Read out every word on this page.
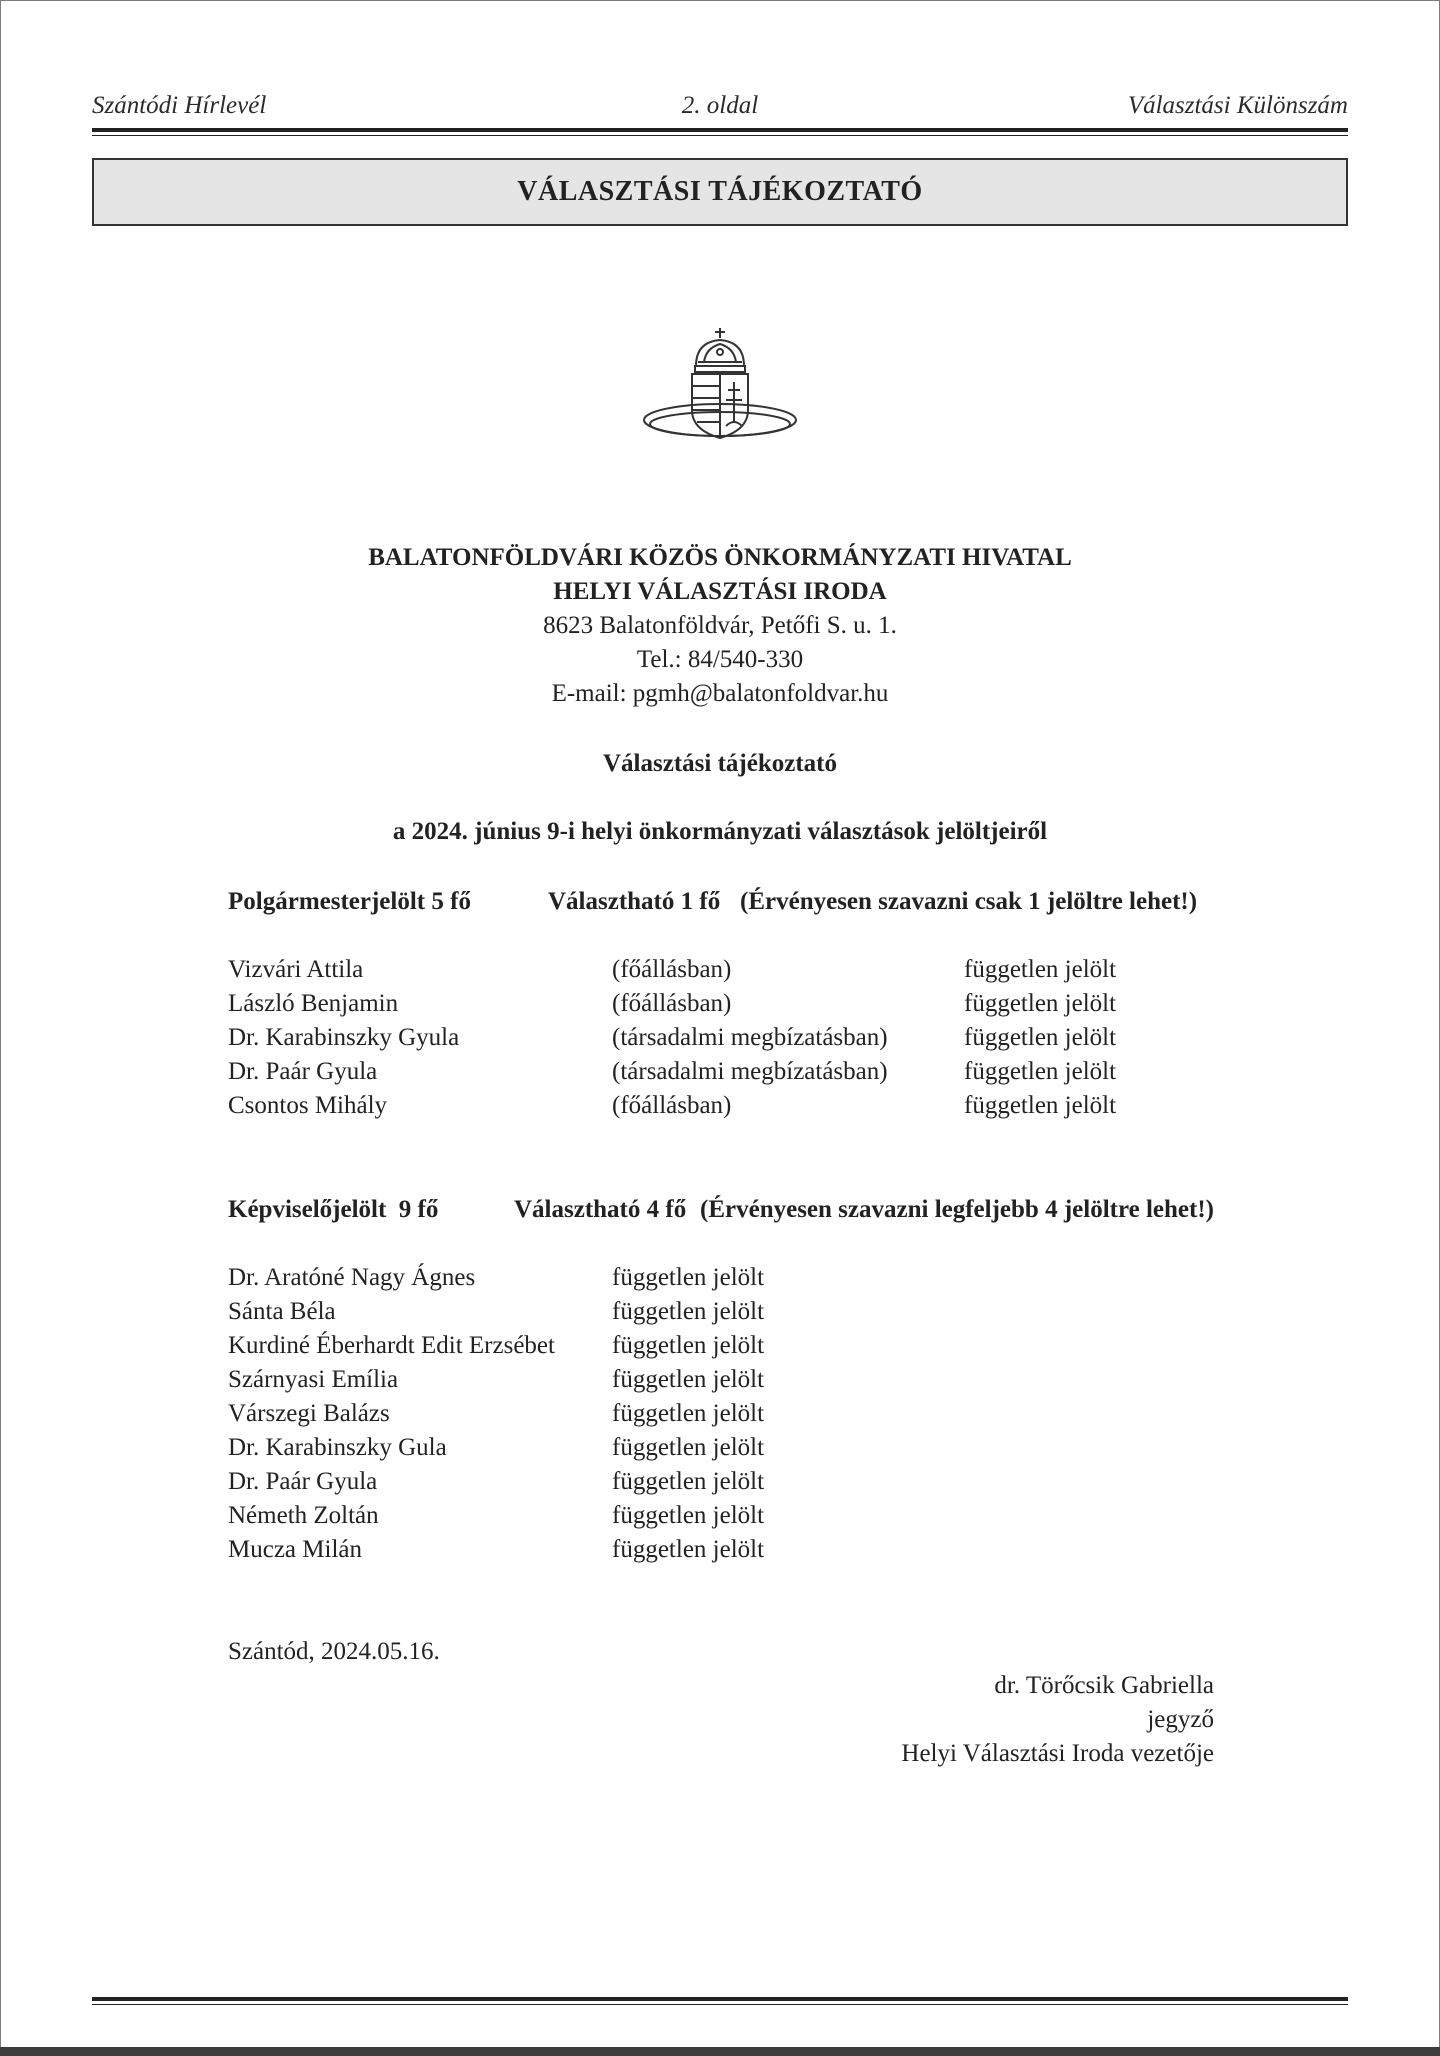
Szántódi Hírlevél	2. oldal	Választási Különszám
VÁLASZTÁSI TÁJÉKOZTATÓ
BALATONFÖLDVÁRI KÖZÖS ÖNKORMÁNYZATI HIVATAL
HELYI VÁLASZTÁSI IRODA
8623 Balatonföldvár, Petőfi S. u. 1.
Tel.: 84/540-330
E-mail: pgmh@balatonfoldvar.hu
Választási tájékoztató
a 2024. június 9-i helyi önkormányzati választások jelöltjeiről
Polgármesterjelölt 5 fő	Választható 1 fő (Érvényesen szavazni csak 1 jelöltre lehet!)
Vizvári Attila	(főállásban)	független jelölt
László Benjamin	(főállásban)	független jelölt
Dr. Karabinszky Gyula	(társadalmi megbízatásban)	független jelölt
Dr. Paár Gyula	(társadalmi megbízatásban)	független jelölt
Csontos Mihály	(főállásban)	független jelölt
Képviselőjelölt  9 fő	Választható 4 fő (Érvényesen szavazni legfeljebb 4 jelöltre lehet!)
Dr. Aratóné Nagy Ágnes	független jelölt
Sánta Béla	független jelölt
Kurdiné Éberhardt Edit Erzsébet független jelölt
Szárnyasi Emília	független jelölt
Várszegi Balázs	független jelölt
Dr. Karabinszky Gula	független jelölt
Dr. Paár Gyula	független jelölt
Németh Zoltán	független jelölt
Mucza Milán	független jelölt
Szántód, 2024.05.16.
dr. Törőcsik Gabriella
jegyző
Helyi Választási Iroda vezetője
